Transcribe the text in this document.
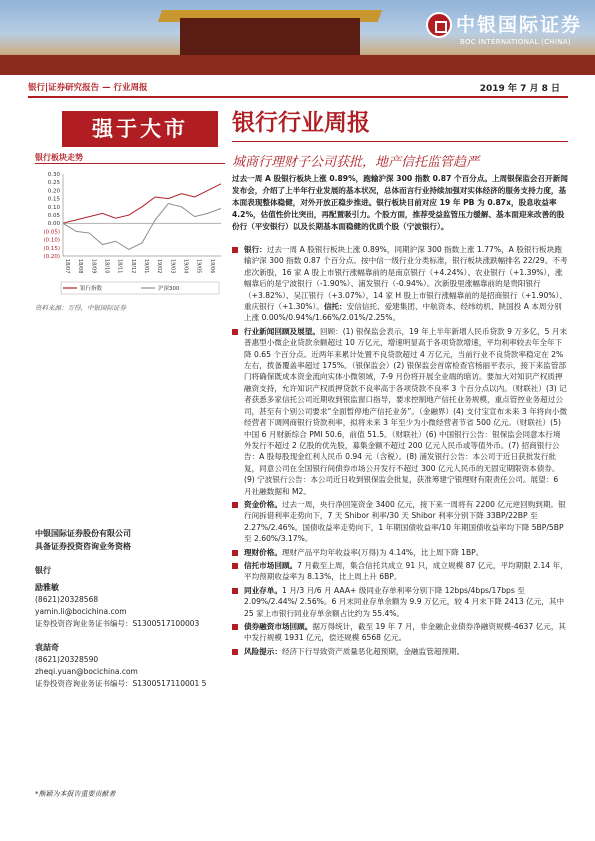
中银国际证券
BOC INTERNATIONAL (CHINA)
银行|证券研究报告 — 行业周报	2019 年 7 月 8 日
强于大市	银行行业周报
银行板块走势
0.30
0.25
0.20
0.15
0.10
0.05
0.00
(0.05)
(0.10)
(0.15)
(0.20)
18/07 18/08 18/09 18/10 18/11 18/12 19/01 19/02 19/03 19/04 19/05 19/06
银行指数	沪深300
资料来源：万得，中银国际证券
城商行理财子公司获批，地产信托监管趋严
过去一周 A 股银行板块上涨 0.89%，跑输沪深 300 指数 0.87 个百分点。上周银保监会召开新闻发布会，介绍了上半年行业发展的基本状况，总体而言行业持续加强对实体经济的服务支持力度，基本面表现整体稳健，对外开放正稳步推进。银行板块目前对应 19 年 PB 为 0.87x，股息收益率 4.2%，估值性价比突出，再配置吸引力。个股方面，推荐受益监管压力缓解、基本面迎来改善的股份行（平安银行）以及长期基本面稳健的优质个股（宁波银行）。
银行：过去一周 A 股银行板块上涨 0.89%，同期沪深 300 指数上涨 1.77%，A 股银行板块跑输沪深 300 指数 0.87 个百分点。按中信一级行业分类标准，银行板块涨跌幅排名 22/29。不考虑次新股，16 家 A 股上市银行涨幅靠前的是南京银行（+4.24%）、农业银行（+1.39%），涨幅靠后的是宁波银行（-1.90%）、浦发银行（-0.94%）。次新股里涨幅靠前的是贵阳银行（+3.82%）、吴江银行（+3.07%），14 家 H 股上市银行涨幅靠前的是招商银行（+1.90%）、重庆银行（+1.30%）。信托：安信信托、爱建集团、中航资本、经纬纺机、陕国投 A 本周分别上涨 0.00%/0.94%/1.66%/2.01%/2.25%。
行业新闻回顾及展望。回顾：(1) 银保监会表示，19 年上半年新增人民币贷款 9 万多亿，5 月末普惠型小微企业贷款余额超过 10 万亿元，增速明显高于各项贷款增速，平均利率较去年全年下降 0.65 个百分点。近两年来累计处置不良贷款超过 4 万亿元，当前行业不良贷款率稳定在 2% 左右，拨备覆盖率超过 175%。（银保监会）(2) 银保监会首席检查官杨丽平表示，接下来监管部门将确保既成本资金流向实体小微领域，7-9 月份将开展全业端的暗访。要加大对知识产权质押融资支持，允许知识产权质押贷款不良率高于各项贷款不良率 3 个百分点以内。（财联社）(3) 记者获悉多家信托公司近期收到银监窗口指导，要求控制地产信托业务规模，重点管控业务超过公司，甚至有个别公司要求“全面暂停地产信托业务”。（金融界）(4) 支付宝宣布未来 3 年将向小微经营者下调网商银行贷款利率，拟将未来 3 年至少为小微经营者节省 500 亿元。（财联社）(5) 中国 6 月财新综合 PMI 50.6，前值 51.5。（财联社）(6) 中国银行公告：银保监会同意本行境外发行不超过 2 亿股的优先股，募集金额不超过 200 亿元人民币或等值外币。(7) 招商银行公告：A 股每股现金红利人民币 0.94 元（含税）。(8) 浦发银行公告：本公司于近日获批发行批复，同意公司在全国银行间债券市场公开发行不超过 300 亿元人民币的无固定期限资本债券。(9) 宁波银行公告：本公司近日收到银保监会批复，获准筹建宁银理财有限责任公司。展望：6 月社融数据和 M2。
资金价格。过去一周，央行净回笼资金 3400 亿元，接下来一周将有 2200 亿元逆回购到期。银行间拆借利率走势向下，7 天 Shibor 利率/30 天 Shibor 利率分别下降 33BP/22BP 至 2.27%/2.46%。国债收益率走势向下，1 年期国债收益率/10 年期国债收益率均下降 5BP/5BP 至 2.60%/3.17%。
理财价格。理财产品平均年收益率(万得)为 4.14%，比上周下降 1BP。
信托市场回顾。7 月截至上周，集合信托共成立 91 只，成立规模 87 亿元，平均期限 2.14 年，平均预期收益率为 8.13%，比上周上升 6BP。
同业存单。1 月/3 月/6 月 AAA+ 级同业存单利率分别下降 12bps/4bps/17bps 至 2.09%/2.44%/ 2.56%。6 月末同业存单余额为 9.9 万亿元，较 4 月末下降 2413 亿元，其中 25 家上市银行同业存单余额占比约为 55.4%。
债券融资市场回顾。据万得统计，截至 19 年 7 月，非金融企业债券净融资规模-4637 亿元，其中发行规模 1931 亿元，偿还规模 6568 亿元。
风险提示：经济下行导致资产质量恶化超预期，金融监管超预期。
中银国际证券股份有限公司
具备证券投资咨询业务资格
银行
励雅敏
(8621)20328568
yamin.li@bocichina.com
证券投资咨询业务证书编号：S1300517100003
袁喆奇
(8621)20328590
zheqi.yuan@bocichina.com
证券投资咨询业务证书编号：S1300517110001 5
*熊颖为本报告重要贡献者
